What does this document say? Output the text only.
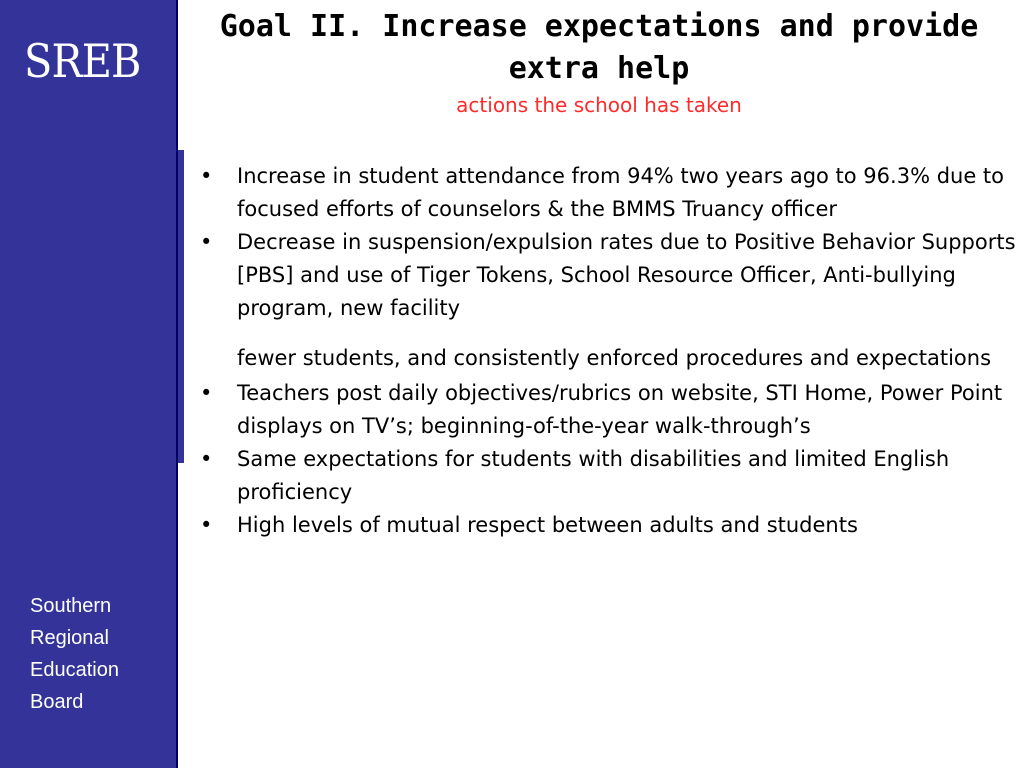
SREB
Southern
Regional
Education
Board
Goal II. Increase expectations and provide extra help

actions the school has taken

• Increase in student attendance from 94% two years ago to 96.3% due to focused efforts of counselors & the BMMS Truancy officer
• Decrease in suspension/expulsion rates due to Positive Behavior Supports [PBS] and use of Tiger Tokens, School Resource Officer, Anti-bullying program, new facility
fewer students, and consistently enforced procedures and expectations
• Teachers post daily objectives/rubrics on website, STI Home, Power Point displays on TV’s; beginning-of-the-year walk-through’s
• Same expectations for students with disabilities and limited English proficiency
• High levels of mutual respect between adults and students
